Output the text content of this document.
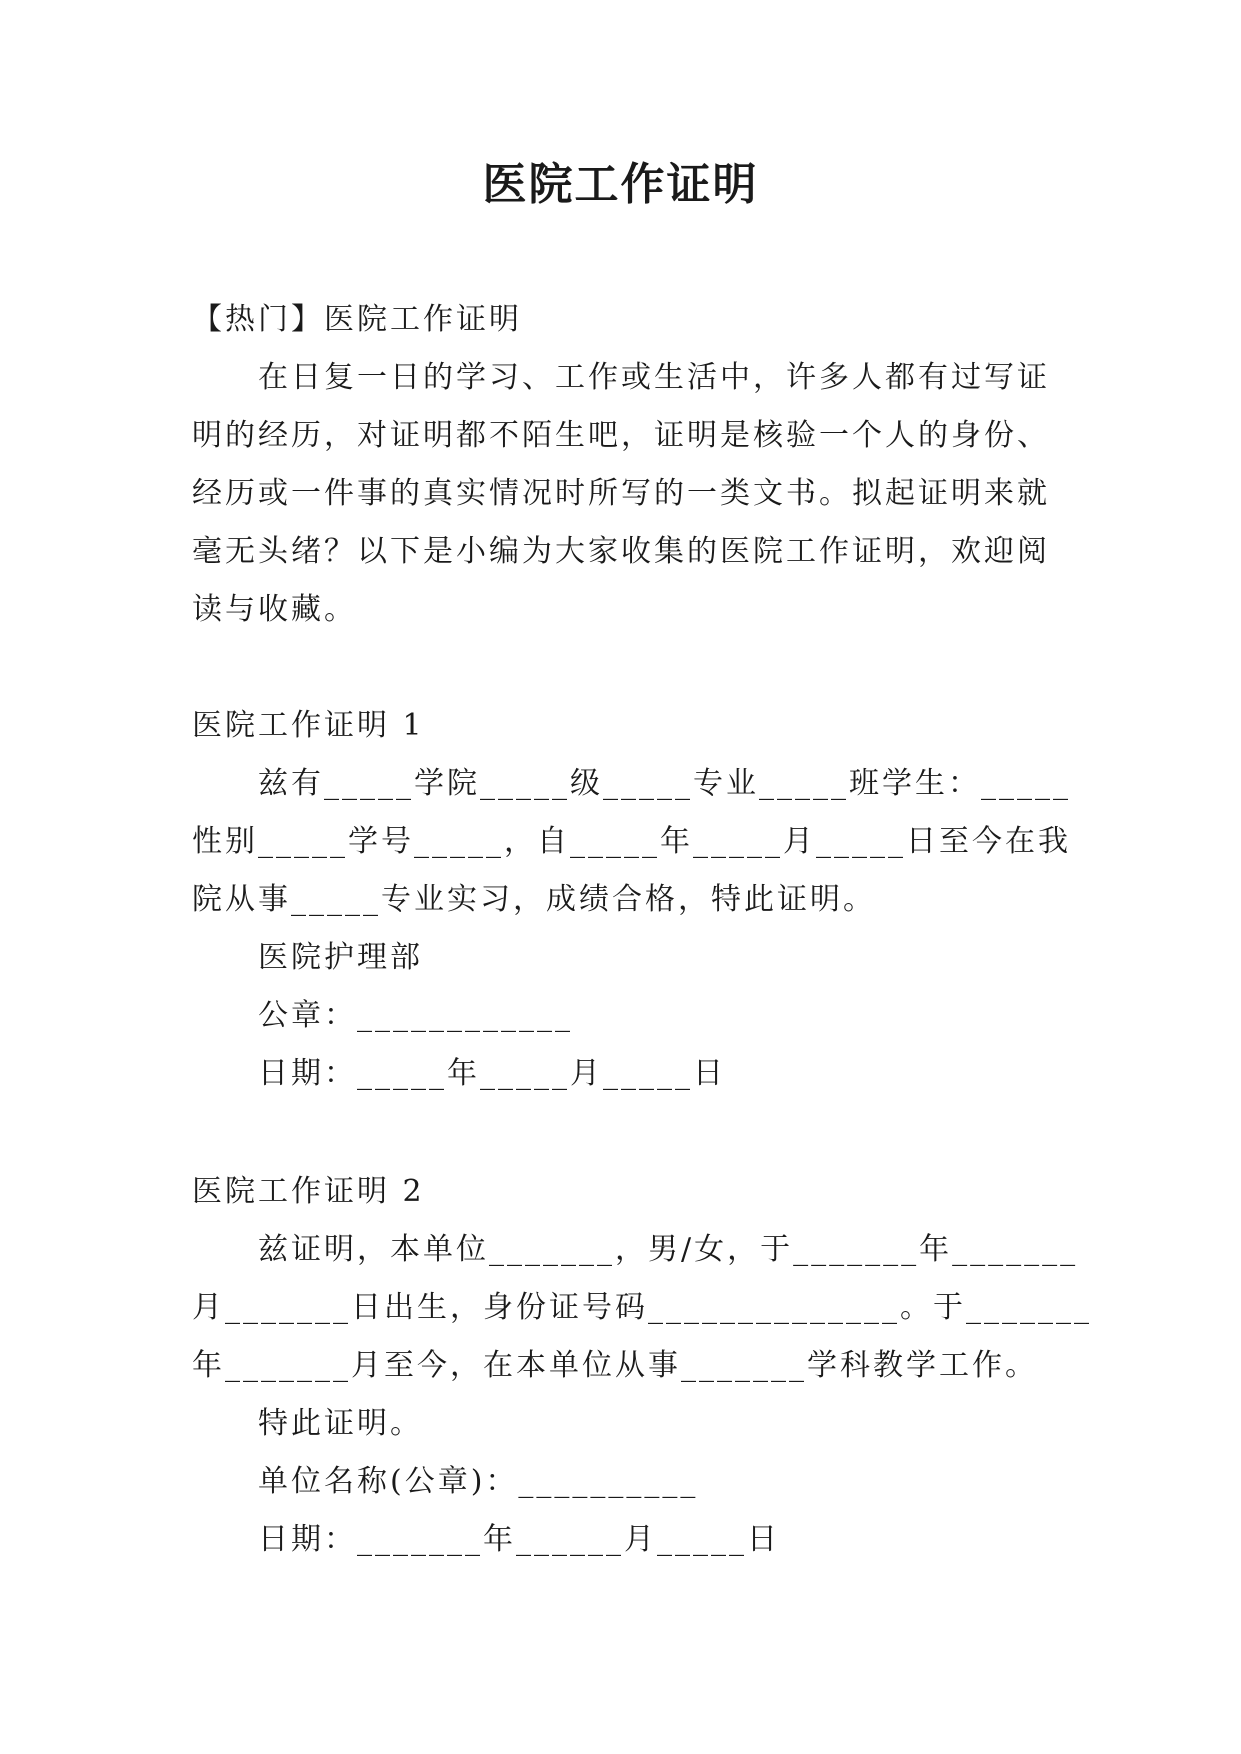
医院工作证明
【热门】医院工作证明
在日复一日的学习、工作或生活中，许多人都有过写证
明的经历，对证明都不陌生吧，证明是核验一个人的身份、
经历或一件事的真实情况时所写的一类文书。拟起证明来就
毫无头绪？以下是小编为大家收集的医院工作证明，欢迎阅
读与收藏。
医院工作证明 1
兹有_____学院_____级_____专业_____班学生：_____
性别_____学号_____，自_____年_____月_____日至今在我
院从事_____专业实习，成绩合格，特此证明。
医院护理部
公章：____________
日期：_____年_____月_____日
医院工作证明 2
兹证明，本单位_______，男/女，于_______年_______
月_______日出生，身份证号码______________。于_______
年_______月至今，在本单位从事_______学科教学工作。
特此证明。
单位名称(公章)：__________
日期：_______年______月_____日
